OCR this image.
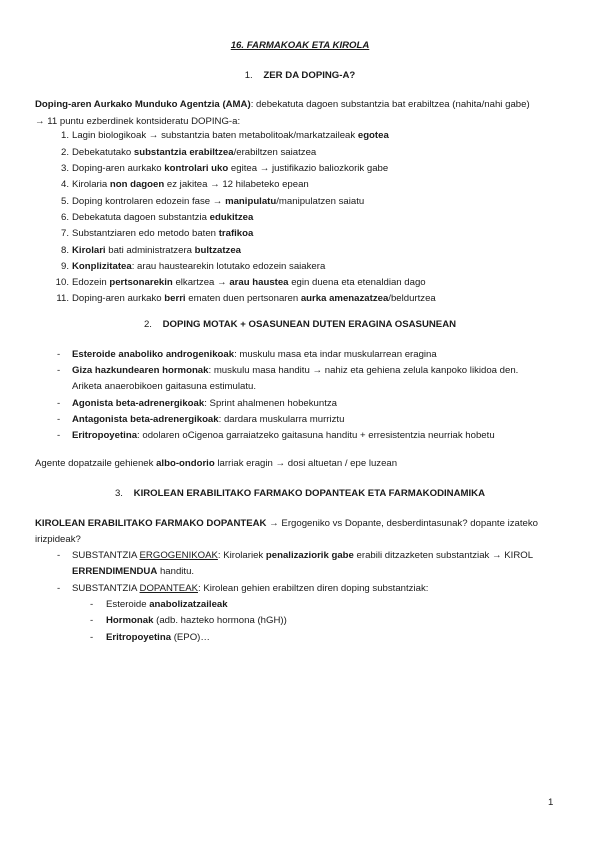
16. FARMAKOAK ETA KIROLA
1. ZER DA DOPING-A?
Doping-aren Aurkako Munduko Agentzia (AMA): debekatuta dagoen substantzia bat erabiltzea (nahita/nahi gabe)
→ 11 puntu ezberdinek kontsideratu DOPING-a:
1. Lagin biologikoak → substantzia baten metabolitoak/markatzaileak egotea
2. Debekatutako substantzia erabiltzea/erabiltzen saiatzea
3. Doping-aren aurkako kontrolari uko egitea → justifikazio baliozkorik gabe
4. Kirolaria non dagoen ez jakitea → 12 hilabeteko epean
5. Doping kontrolaren edozein fase → manipulatu/manipulatzen saiatu
6. Debekatuta dagoen substantzia edukitzea
7. Substantziaren edo metodo baten trafikoa
8. Kirolari bati administratzera bultzatzea
9. Konplizitatea: arau haustearekin lotutako edozein saiakera
10. Edozein pertsonarekin elkartzea → arau haustea egin duena eta etenaldian dago
11. Doping-aren aurkako berri ematen duen pertsonaren aurka amenazatzea/beldurtzea
2. DOPING MOTAK + OSASUNEAN DUTEN ERAGINA OSASUNEAN
- Esteroide anaboliko androgenikoak: muskulu masa eta indar muskularrean eragina
- Giza hazkundearen hormonak: muskulu masa handitu → nahiz eta gehiena zelula kanpoko likidoa den.
Ariketa anaerobikoen gaitasuna estimulatu.
- Agonista beta-adrenergikoak: Sprint ahalmenen hobekuntza
- Antagonista beta-adrenergikoak: dardara muskularra murriztu
- Eritropoyetina: odolaren oCigenoa garraiatzeko gaitasuna handitu + erresistentzia neurriak hobetu
Agente dopatzaile gehienek albo-ondorio larriak eragin → dosi altuetan / epe luzean
3. KIROLEAN ERABILITAKO FARMAKO DOPANTEAK ETA FARMAKODINAMIKA
KIROLEAN ERABILITAKO FARMAKO DOPANTEAK → Ergogeniko vs Dopante, desberdintasunak? dopante izateko
irizpideak?
- SUBSTANTZIA ERGOGENIKOAK: Kirolariek penalizaziorik gabe erabili ditzazketen substantziak → KIROL
ERRENDIMENDUA handitu.
- SUBSTANTZIA DOPANTEAK: Kirolean gehien erabiltzen diren doping substantziak:
- Esteroide anabolizatzaileak
- Hormonak (adb. hazteko hormona (hGH))
- Eritropoyetina (EPO)…
1
